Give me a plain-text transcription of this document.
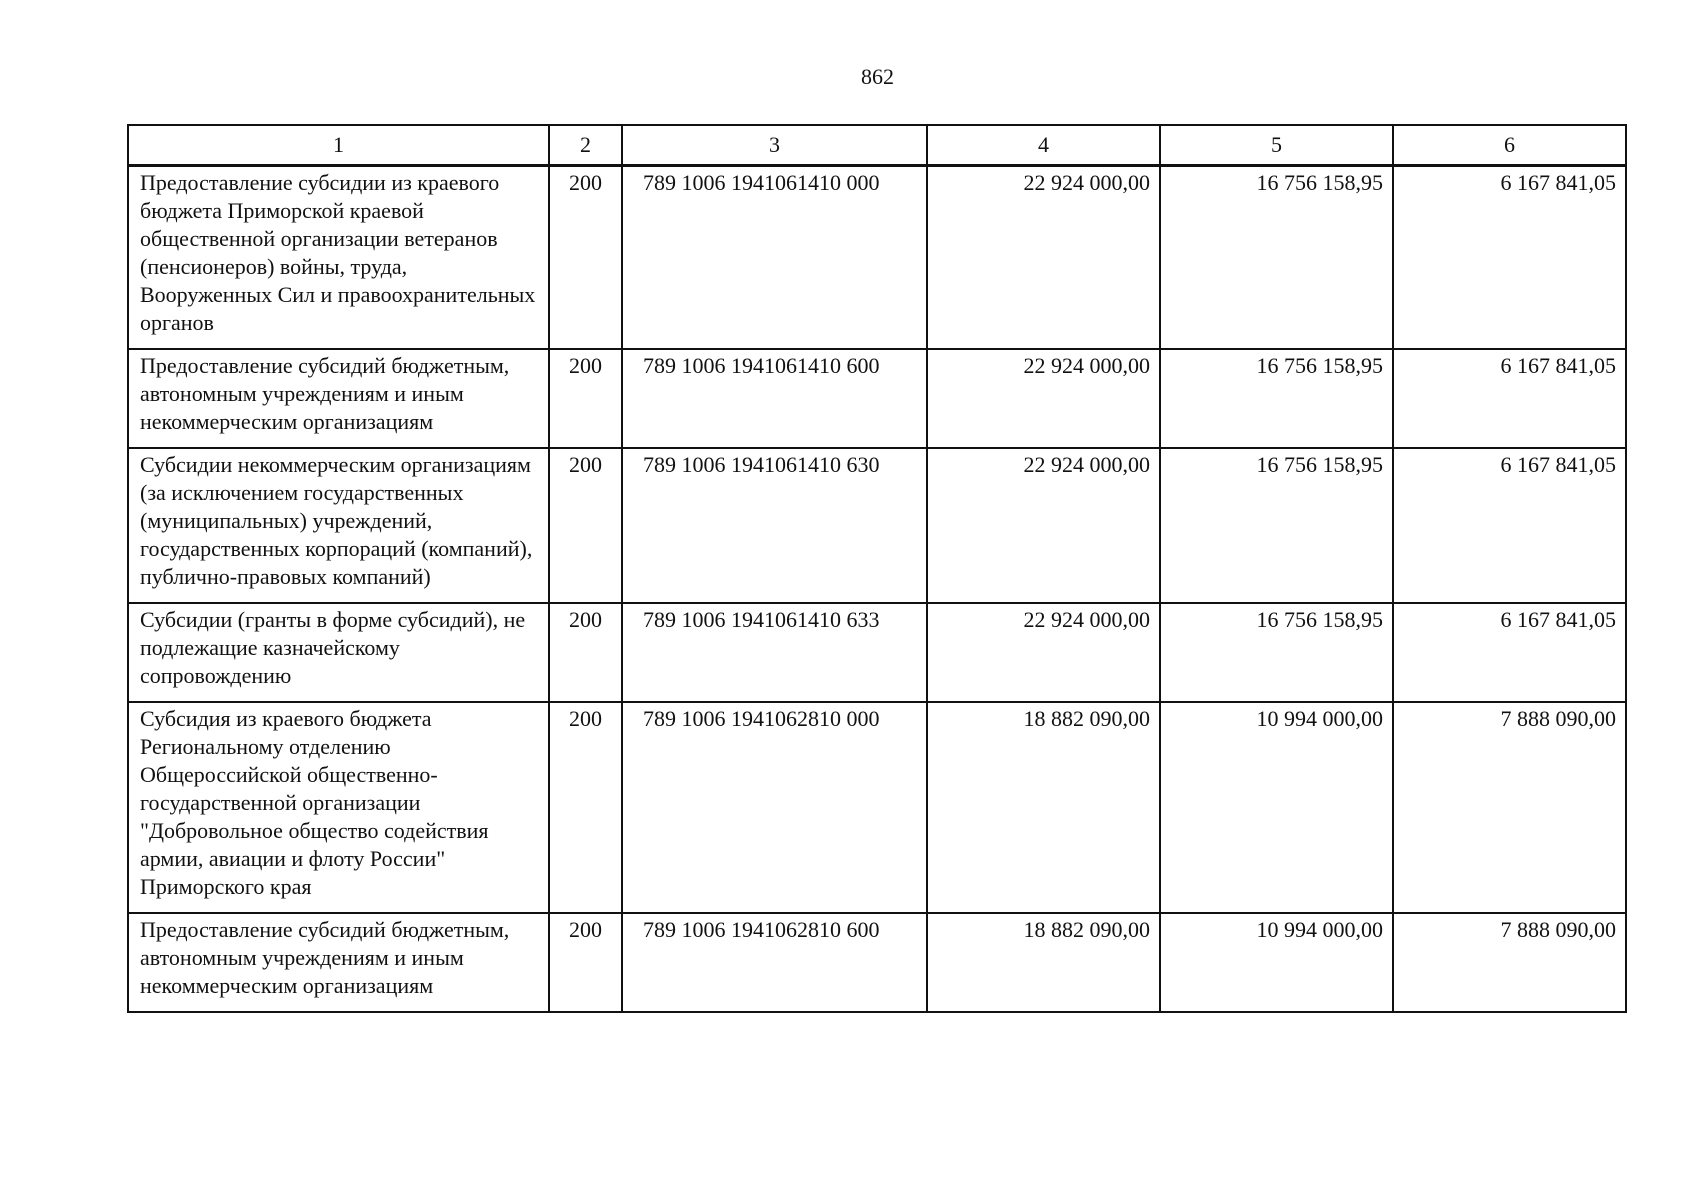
862
1	2	3	4	5	6
Предоставление субсидии из краевого бюджета Приморской краевой общественной организации ветеранов (пенсионеров) войны, труда, Вооруженных Сил и правоохранительных органов	200	789 1006 1941061410 000	22 924 000,00	16 756 158,95	6 167 841,05
Предоставление субсидий бюджетным, автономным учреждениям и иным некоммерческим организациям	200	789 1006 1941061410 600	22 924 000,00	16 756 158,95	6 167 841,05
Субсидии некоммерческим организациям (за исключением государственных (муниципальных) учреждений, государственных корпораций (компаний), публично-правовых компаний)	200	789 1006 1941061410 630	22 924 000,00	16 756 158,95	6 167 841,05
Субсидии (гранты в форме субсидий), не подлежащие казначейскому сопровождению	200	789 1006 1941061410 633	22 924 000,00	16 756 158,95	6 167 841,05
Субсидия из краевого бюджета Региональному отделению Общероссийской общественно-государственной организации "Добровольное общество содействия армии, авиации и флоту России" Приморского края	200	789 1006 1941062810 000	18 882 090,00	10 994 000,00	7 888 090,00
Предоставление субсидий бюджетным, автономным учреждениям и иным некоммерческим организациям	200	789 1006 1941062810 600	18 882 090,00	10 994 000,00	7 888 090,00
